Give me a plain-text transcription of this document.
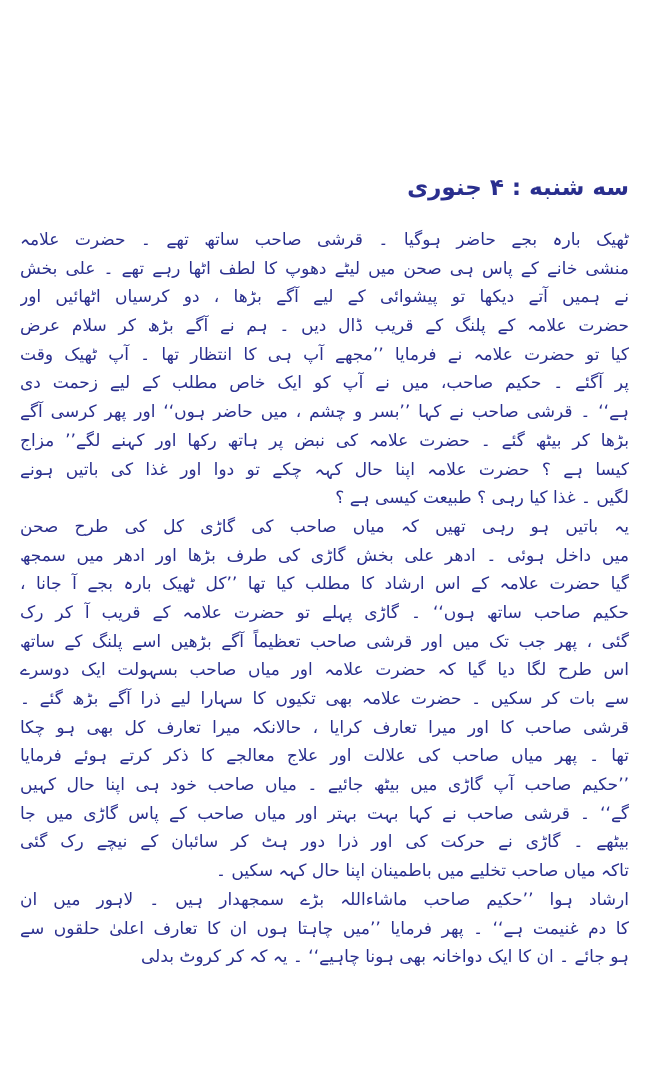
سه شنبه : ۴ جنوری
ٹھیک بارہ بجے حاضر ہوگیا ۔ قرشی صاحب ساتھ تھے ۔ حضرت علامہ
منشی خانے کے پاس ہی صحن میں لیٹے دھوپ کا لطف اٹھا رہے تھے ۔ علی بخش
نے ہمیں آتے دیکھا تو پیشوائی کے لیے آگے بڑھا ، دو کرسیاں اٹھائیں اور
حضرت علامہ کے پلنگ کے قریب ڈال دیں ۔ ہم نے آگے بڑھ کر سلام عرض
کیا تو حضرت علامہ نے فرمایا ’’مجھے آپ ہی کا انتظار تھا ۔ آپ ٹھیک وقت
پر آگئے ۔ حکیم صاحب، میں نے آپ کو ایک خاص مطلب کے لیے زحمت دی
ہے‘‘ ۔ قرشی صاحب نے کہا ’’بسر و چشم ، میں حاضر ہوں‘‘ اور پھر کرسی آگے
بڑھا کر بیٹھ گئے ۔ حضرت علامہ کی نبض پر ہاتھ رکھا اور کہنے لگے’’ مزاج
کیسا ہے ؟ حضرت علامہ اپنا حال کہہ چکے تو دوا اور غذا کی باتیں ہونے
لگیں ۔ غذا کیا رہی ؟ طبیعت کیسی ہے ؟
یہ باتیں ہو رہی تھیں کہ میاں صاحب کی گاڑی کل کی طرح صحن
میں داخل ہوئی ۔ ادھر علی بخش گاڑی کی طرف بڑھا اور ادھر میں سمجھ
گیا حضرت علامہ کے اس ارشاد کا مطلب کیا تھا ’’کل ٹھیک بارہ بجے آ جانا ،
حکیم صاحب ساتھ ہوں‘‘ ۔ گاڑی پہلے تو حضرت علامہ کے قریب آ کر رک
گئی ، پھر جب تک میں اور قرشی صاحب تعظیماً آگے بڑھیں اسے پلنگ کے ساتھ
اس طرح لگا دیا گیا کہ حضرت علامہ اور میاں صاحب بسہولت ایک دوسرے
سے بات کر سکیں ۔ حضرت علامہ بھی تکیوں کا سہارا لیے ذرا آگے بڑھ گئے ۔
قرشی صاحب کا اور میرا تعارف کرایا ، حالانکہ میرا تعارف کل بھی ہو چکا
تھا ۔ پھر میاں صاحب کی علالت اور علاج معالجے کا ذکر کرتے ہوئے فرمایا
’’حکیم صاحب آپ گاڑی میں بیٹھ جائیے ۔ میاں صاحب خود ہی اپنا حال کہیں
گے‘‘ ۔ قرشی صاحب نے کہا بہت بہتر اور میاں صاحب کے پاس گاڑی میں جا
بیٹھے ۔ گاڑی نے حرکت کی اور ذرا دور ہٹ کر سائبان کے نیچے رک گئی
تاکہ میاں صاحب تخلیے میں باطمینان اپنا حال کہہ سکیں ۔
ارشاد ہوا ’’حکیم صاحب ماشاءاللہ بڑے سمجھدار ہیں ۔ لاہور میں ان
کا دم غنیمت ہے‘‘ ۔ پھر فرمایا ’’میں چاہتا ہوں ان کا تعارف اعلیٰ حلقوں سے
ہو جائے ۔ ان کا ایک دواخانہ بھی ہونا چاہیے‘‘ ۔ یہ کہ کر کروٹ بدلی
